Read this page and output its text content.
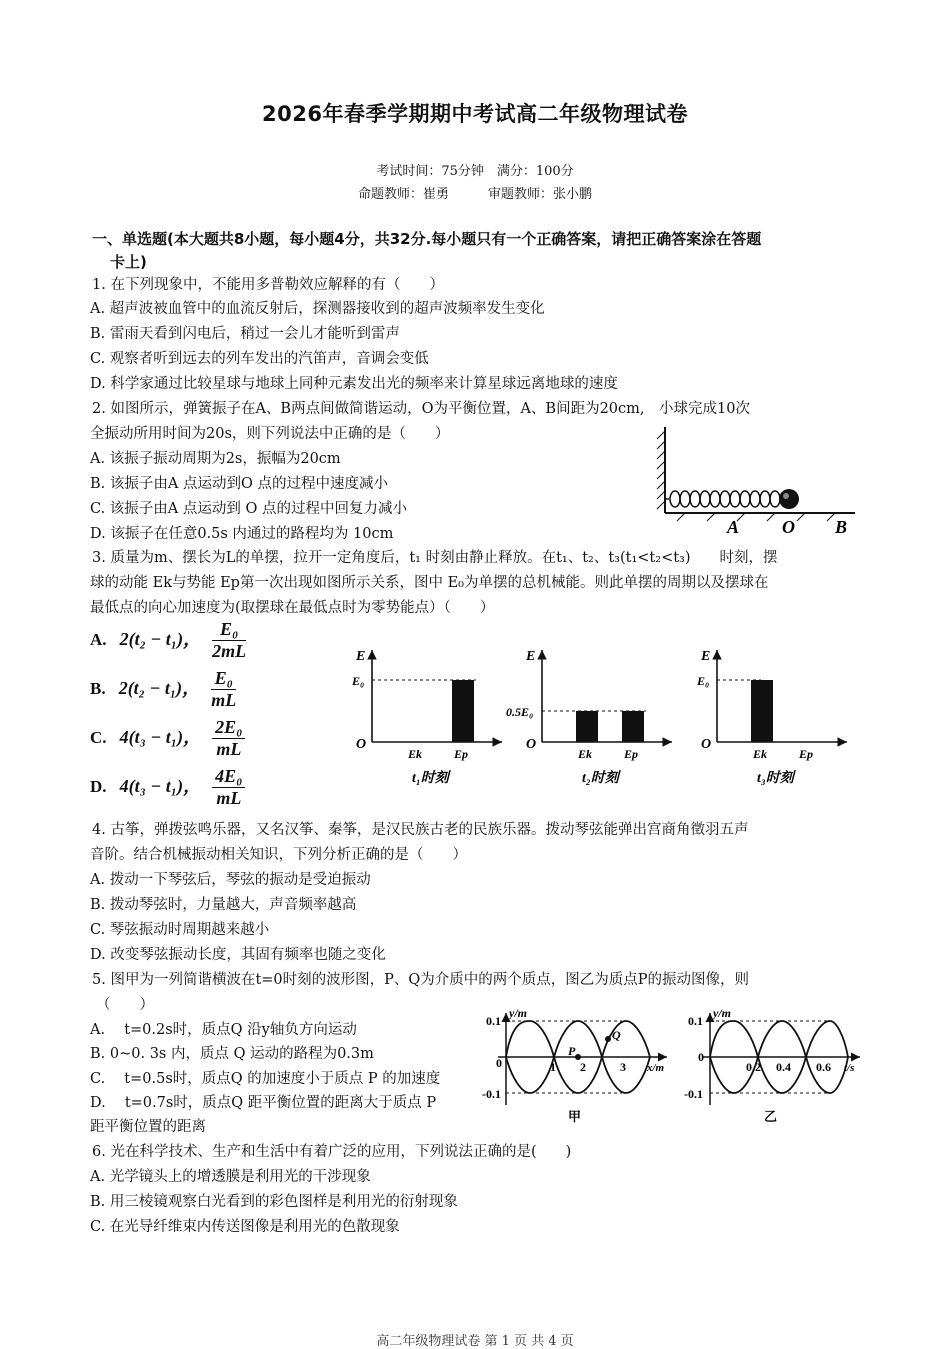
2026年春季学期期中考试高二年级物理试卷
考试时间：75分钟　满分：100分
命题教师：崔勇　　　审题教师：张小鹏
一、单选题(本大题共8小题，每小题4分，共32分.每小题只有一个正确答案，请把正确答案涂在答题
卡上)
1. 在下列现象中，不能用多普勒效应解释的有（　　）
A. 超声波被血管中的血流反射后，探测器接收到的超声波频率发生变化
B. 雷雨天看到闪电后，稍过一会儿才能听到雷声
C. 观察者听到远去的列车发出的汽笛声，音调会变低
D. 科学家通过比较星球与地球上同种元素发出光的频率来计算星球远离地球的速度
2. 如图所示，弹簧振子在A、B两点间做简谐运动，O为平衡位置，A、B间距为20cm,　小球完成10次
全振动所用时间为20s，则下列说法中正确的是（　　）
A. 该振子振动周期为2s，振幅为20cm
B. 该振子由A 点运动到O 点的过程中速度减小
C. 该振子由A 点运动到 O 点的过程中回复力减小
D. 该振子在任意0.5s 内通过的路程均为 10cm	A O B
3. 质量为m、摆长为L的单摆，拉开一定角度后，t₁ 时刻由静止释放。在t₁、t₂、t₃(t₁<t₂<t₃)　　时刻，摆
球的动能 Ek与势能 Ep第一次出现如图所示关系，图中 E₀为单摆的总机械能。则此单摆的周期以及摆球在
最低点的向心加速度为(取摆球在最低点时为零势能点）（　　）
A. 2(t₂ − t₁)， $\frac{\text{E₀}}{2mL}$
B. 2(t₂ − t₁)， $\frac{\text{E₀}}{mL}$
C. 4(t₃ − t₁)， $\frac{\text{2E₀}}{mL}$
D. 4(t₃ − t₁)， $\frac{\text{4E₀}}{mL}$
E
O
E₀
Ek	Ep
t₁时刻
E
O
0.5E₀
Ek	Ep
t₂时刻
E
O
E₀
Ek	Ep
t₃时刻
4. 古筝，弹拨弦鸣乐器，又名汉筝、秦筝，是汉民族古老的民族乐器。拨动琴弦能弹出宫商角徵羽五声
音阶。结合机械振动相关知识，下列分析正确的是（　　）
A. 拨动一下琴弦后，琴弦的振动是受迫振动
B. 拨动琴弦时，力量越大，声音频率越高
C. 琴弦振动时周期越来越小
D. 改变琴弦振动长度，其固有频率也随之变化
5. 图甲为一列简谐横波在t=0时刻的波形图，P、Q为介质中的两个质点，图乙为质点P的振动图像，则
（　　）
A.　 t=0.2s时，质点Q 沿y轴负方向运动
B. 0~0. 3s 内，质点 Q 运动的路程为0.3m
C.　 t=0.5s时，质点Q 的加速度小于质点 P 的加速度
D.　 t=0.7s时，质点Q 距平衡位置的距离大于质点 P
距平衡位置的距离
0.1
-0.1
y/m
x/m
0	1 2	3
P
Q
甲
0.1
-0.1
y/m
t/s
0
0.2 0.4 0.6
乙
6. 光在科学技术、生产和生活中有着广泛的应用，下列说法正确的是(　　)
A. 光学镜头上的增透膜是利用光的干涉现象
B. 用三棱镜观察白光看到的彩色图样是利用光的衍射现象
C. 在光导纤维束内传送图像是利用光的色散现象
高二年级物理试卷 第 1 页 共 4 页
